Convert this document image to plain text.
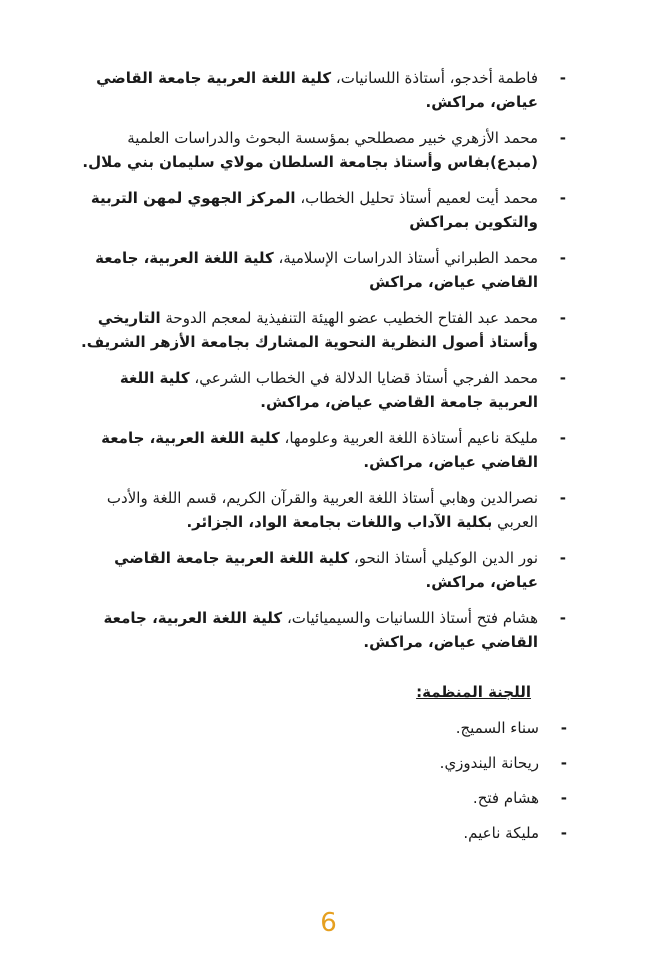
-
فاطمة أخدجو، أستاذة اللسانيات، كلية اللغة العربية جامعة القاضي عياض، مراكش.
-
محمد الأزهري خبير مصطلحي بمؤسسة البحوث والدراسات العلمية (مبدع)بفاس وأستاذ بجامعة السلطان مولاي سليمان بني ملال.
-
محمد أيت لعميم أستاذ تحليل الخطاب، المركز الجهوي لمهن التربية والتكوين بمراكش
-
محمد الطبراني أستاذ الدراسات الإسلامية، كلية اللغة العربية، جامعة القاضي عياض، مراكش
-
محمد عبد الفتاح الخطيب عضو الهيئة التنفيذية لمعجم الدوحة التاريخي وأستاذ أصول النظرية النحوية المشارك بجامعة الأزهر الشريف.
-
محمد الفرجي أستاذ قضايا الدلالة في الخطاب الشرعي، كلية اللغة العربية جامعة القاضي عياض، مراكش.
-
مليكة ناعيم أستاذة اللغة العربية وعلومها، كلية اللغة العربية، جامعة القاضي عياض، مراكش.
-
نصرالدين وهابي أستاذ اللغة العربية والقرآن الكريم، قسم اللغة والأدب العربي بكلية الآداب واللغات بجامعة الواد، الجزائر.
-
نور الدين الوكيلي أستاذ النحو، كلية اللغة العربية جامعة القاضي عياض، مراكش.
-
هشام فتح أستاذ اللسانيات والسيميائيات، كلية اللغة العربية، جامعة القاضي عياض، مراكش.
اللجنة المنظمة:
-
سناء السميج.
-
ريحانة اليندوزي.
-
هشام فتح.
-
مليكة ناعيم.
6
